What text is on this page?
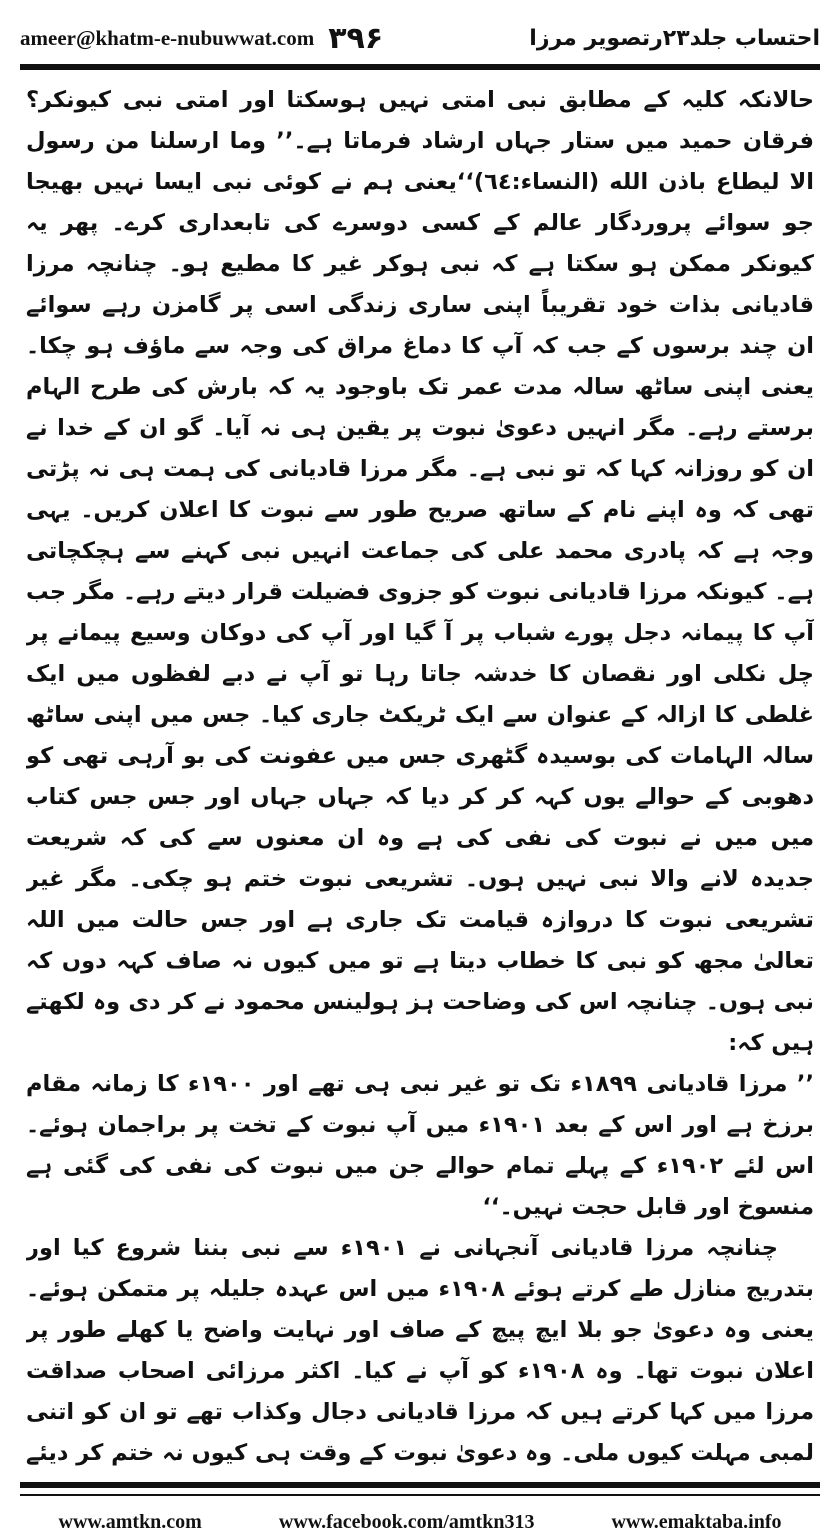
ameer@khatm-e-nubuwwat.com ۳۹۶	احتساب جلد۲۳رتصویر مرزا

حالانکہ کلیہ کے مطابق نبی امتی نہیں ہوسکتا اور امتی نبی کیونکر؟ فرقان حمید میں ستار جہاں ارشاد فرماتا ہے۔’’ وما ارسلنا من رسول الا لیطاع باذن الله (النساء:٦٤)‘‘یعنی ہم نے کوئی نبی ایسا نہیں بھیجا جو سوائے پروردگار عالم کے کسی دوسرے کی تابعداری کرے۔ پھر یہ کیونکر ممکن ہو سکتا ہے کہ نبی ہوکر غیر کا مطیع ہو۔ چنانچہ مرزا قادیانی بذات خود تقریباً اپنی ساری زندگی اسی پر گامزن رہے سوائے ان چند برسوں کے جب کہ آپ کا دماغ مراق کی وجہ سے ماؤف ہو چکا۔ یعنی اپنی ساٹھ سالہ مدت عمر تک باوجود یہ کہ بارش کی طرح الہام برستے رہے۔ مگر انہیں دعویٰ نبوت پر یقین ہی نہ آیا۔ گو ان کے خدا نے ان کو روزانہ کہا کہ تو نبی ہے۔ مگر مرزا قادیانی کی ہمت ہی نہ پڑتی تھی کہ وہ اپنے نام کے ساتھ صریح طور سے نبوت کا اعلان کریں۔ یہی وجہ ہے کہ پادری محمد علی کی جماعت انہیں نبی کہنے سے ہچکچاتی ہے۔ کیونکہ مرزا قادیانی نبوت کو جزوی فضیلت قرار دیتے رہے۔ مگر جب آپ کا پیمانہ دجل پورے شباب پر آ گیا اور آپ کی دوکان وسیع پیمانے پر چل نکلی اور نقصان کا خدشہ جاتا رہا تو آپ نے دبے لفظوں میں ایک غلطی کا ازالہ کے عنوان سے ایک ٹریکٹ جاری کیا۔ جس میں اپنی ساٹھ سالہ الہامات کی بوسیدہ گٹھری جس میں عفونت کی بو آرہی تھی کو دھوبی کے حوالے یوں کہہ کر کر دیا کہ جہاں جہاں اور جس جس کتاب میں میں نے نبوت کی نفی کی ہے وہ ان معنوں سے کی کہ شریعت جدیدہ لانے والا نبی نہیں ہوں۔ تشریعی نبوت ختم ہو چکی۔ مگر غیر تشریعی نبوت کا دروازہ قیامت تک جاری ہے اور جس حالت میں اللہ تعالیٰ مجھ کو نبی کا خطاب دیتا ہے تو میں کیوں نہ صاف کہہ دوں کہ نبی ہوں۔ چنانچہ اس کی وضاحت ہز ہولینس محمود نے کر دی وہ لکھتے ہیں کہ:

’’ مرزا قادیانی ۱۸۹۹ء تک تو غیر نبی ہی تھے اور ۱۹۰۰ء کا زمانہ مقام برزخ ہے اور اس کے بعد ۱۹۰۱ء میں آپ نبوت کے تخت پر براجمان ہوئے۔ اس لئے ۱۹۰۲ء کے پہلے تمام حوالے جن میں نبوت کی نفی کی گئی ہے منسوخ اور قابل حجت نہیں۔‘‘

چنانچہ مرزا قادیانی آنجہانی نے ۱۹۰۱ء سے نبی بننا شروع کیا اور بتدریج منازل طے کرتے ہوئے ۱۹۰۸ء میں اس عہدہ جلیلہ پر متمکن ہوئے۔ یعنی وہ دعویٰ جو بلا ایچ پیچ کے صاف اور نہایت واضح یا کھلے طور پر اعلان نبوت تھا۔ وہ ۱۹۰۸ء کو آپ نے کیا۔ اکثر مرزائی اصحاب صداقت مرزا میں کہا کرتے ہیں کہ مرزا قادیانی دجال وکذاب تھے تو ان کو اتنی لمبی مہلت کیوں ملی۔ وہ دعویٰ نبوت کے وقت ہی کیوں نہ ختم کر دیئے

www.amtkn.com	www.facebook.com/amtkn313	www.emaktaba.info
